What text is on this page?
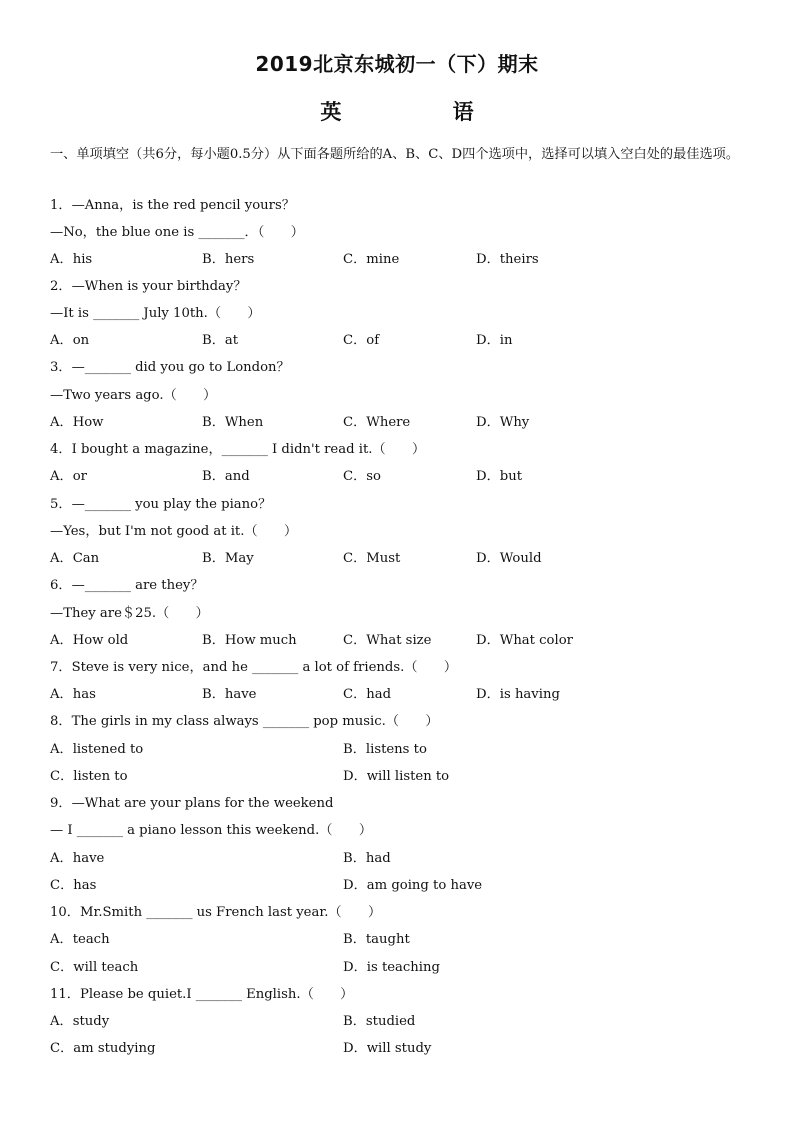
2019北京东城初一（下）期末
英 语
一、单项填空（共6分，每小题0.5分）从下面各题所给的A、B、C、D四个选项中，选择可以填入空白处的最佳选项。
1．—Anna，is the red pencil yours？
—No，the blue one is _______．（　　）
A．his	B．hers	C．mine	D．theirs
2．—When is your birthday？
—It is _______ July 10th.（　　）
A．on	B．at	C．of	D．in
3．—_______ did you go to London？
—Two years ago.（　　）
A．How	B．When	C．Where	D．Why
4．I bought a magazine，_______ I didn't read it.（　　）
A．or	B．and	C．so	D．but
5．—_______ you play the piano？
—Yes，but I'm not good at it.（　　）
A．Can	B．May	C．Must	D．Would
6．—_______ are they？
—They are＄25.（　　）
A．How old	B．How much	C．What size	D．What color
7．Steve is very nice，and he _______ a lot of friends.（　　）
A．has	B．have	C．had	D．is having
8．The girls in my class always _______ pop music.（　　）
A．listened to	B．listens to
C．listen to	D．will listen to
9．—What are your plans for the weekend
— I _______ a piano lesson this weekend.（　　）
A．have	B．had
C．has	D．am going to have
10．Mr.Smith _______ us French last year.（　　）
A．teach	B．taught
C．will teach	D．is teaching
11．Please be quiet.I _______ English.（　　）
A．study	B．studied
C．am studying	D．will study
